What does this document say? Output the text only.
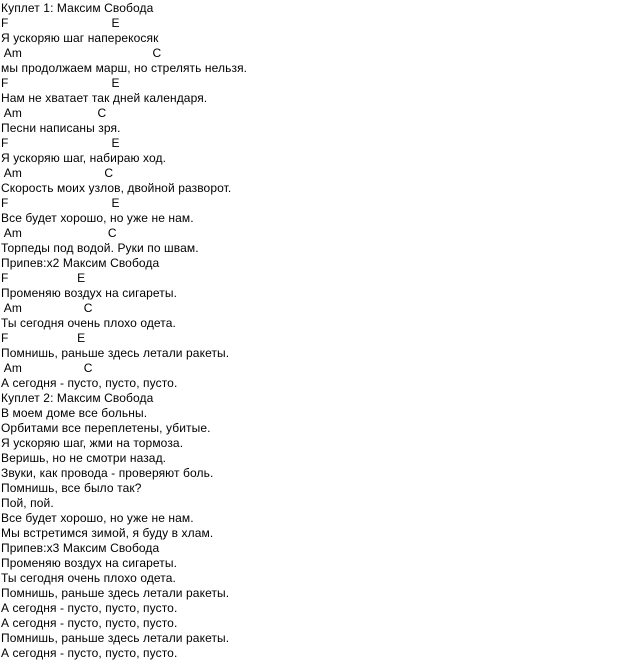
Куплет 1: Максим Свобода
F                              E
Я ускоряю шаг наперекосяк
Am                                      C
мы продолжаем марш, но стрелять нельзя.
F                              E
Нам не хватает так дней календаря.
Am                      C
Песни написаны зря.
F                              E
Я ускоряю шаг, набираю ход.
Am                        C
Скорость моих узлов, двойной разворот.
F                              E
Все будет хорошо, но уже не нам.
Am                         C
Торпеды под водой. Руки по швам.
Припев:x2 Максим Свобода
F                    E
Променяю воздух на сигареты.
Am                  C
Ты сегодня очень плохо одета.
F                    E
Помнишь, раньше здесь летали ракеты.
Am                  C
А сегодня - пусто, пусто, пусто.
Куплет 2: Максим Свобода
В моем доме все больны.
Орбитами все переплетены, убитые.
Я ускоряю шаг, жми на тормоза.
Веришь, но не смотри назад.
Звуки, как провода - проверяют боль.
Помнишь, все было так?
Пой, пой.
Все будет хорошо, но уже не нам.
Мы встретимся зимой, я буду в хлам.
Припев:x3 Максим Свобода
Променяю воздух на сигареты.
Ты сегодня очень плохо одета.
Помнишь, раньше здесь летали ракеты.
А сегодня - пусто, пусто, пусто.
А сегодня - пусто, пусто, пусто.
Помнишь, раньше здесь летали ракеты.
А сегодня - пусто, пусто, пусто.
